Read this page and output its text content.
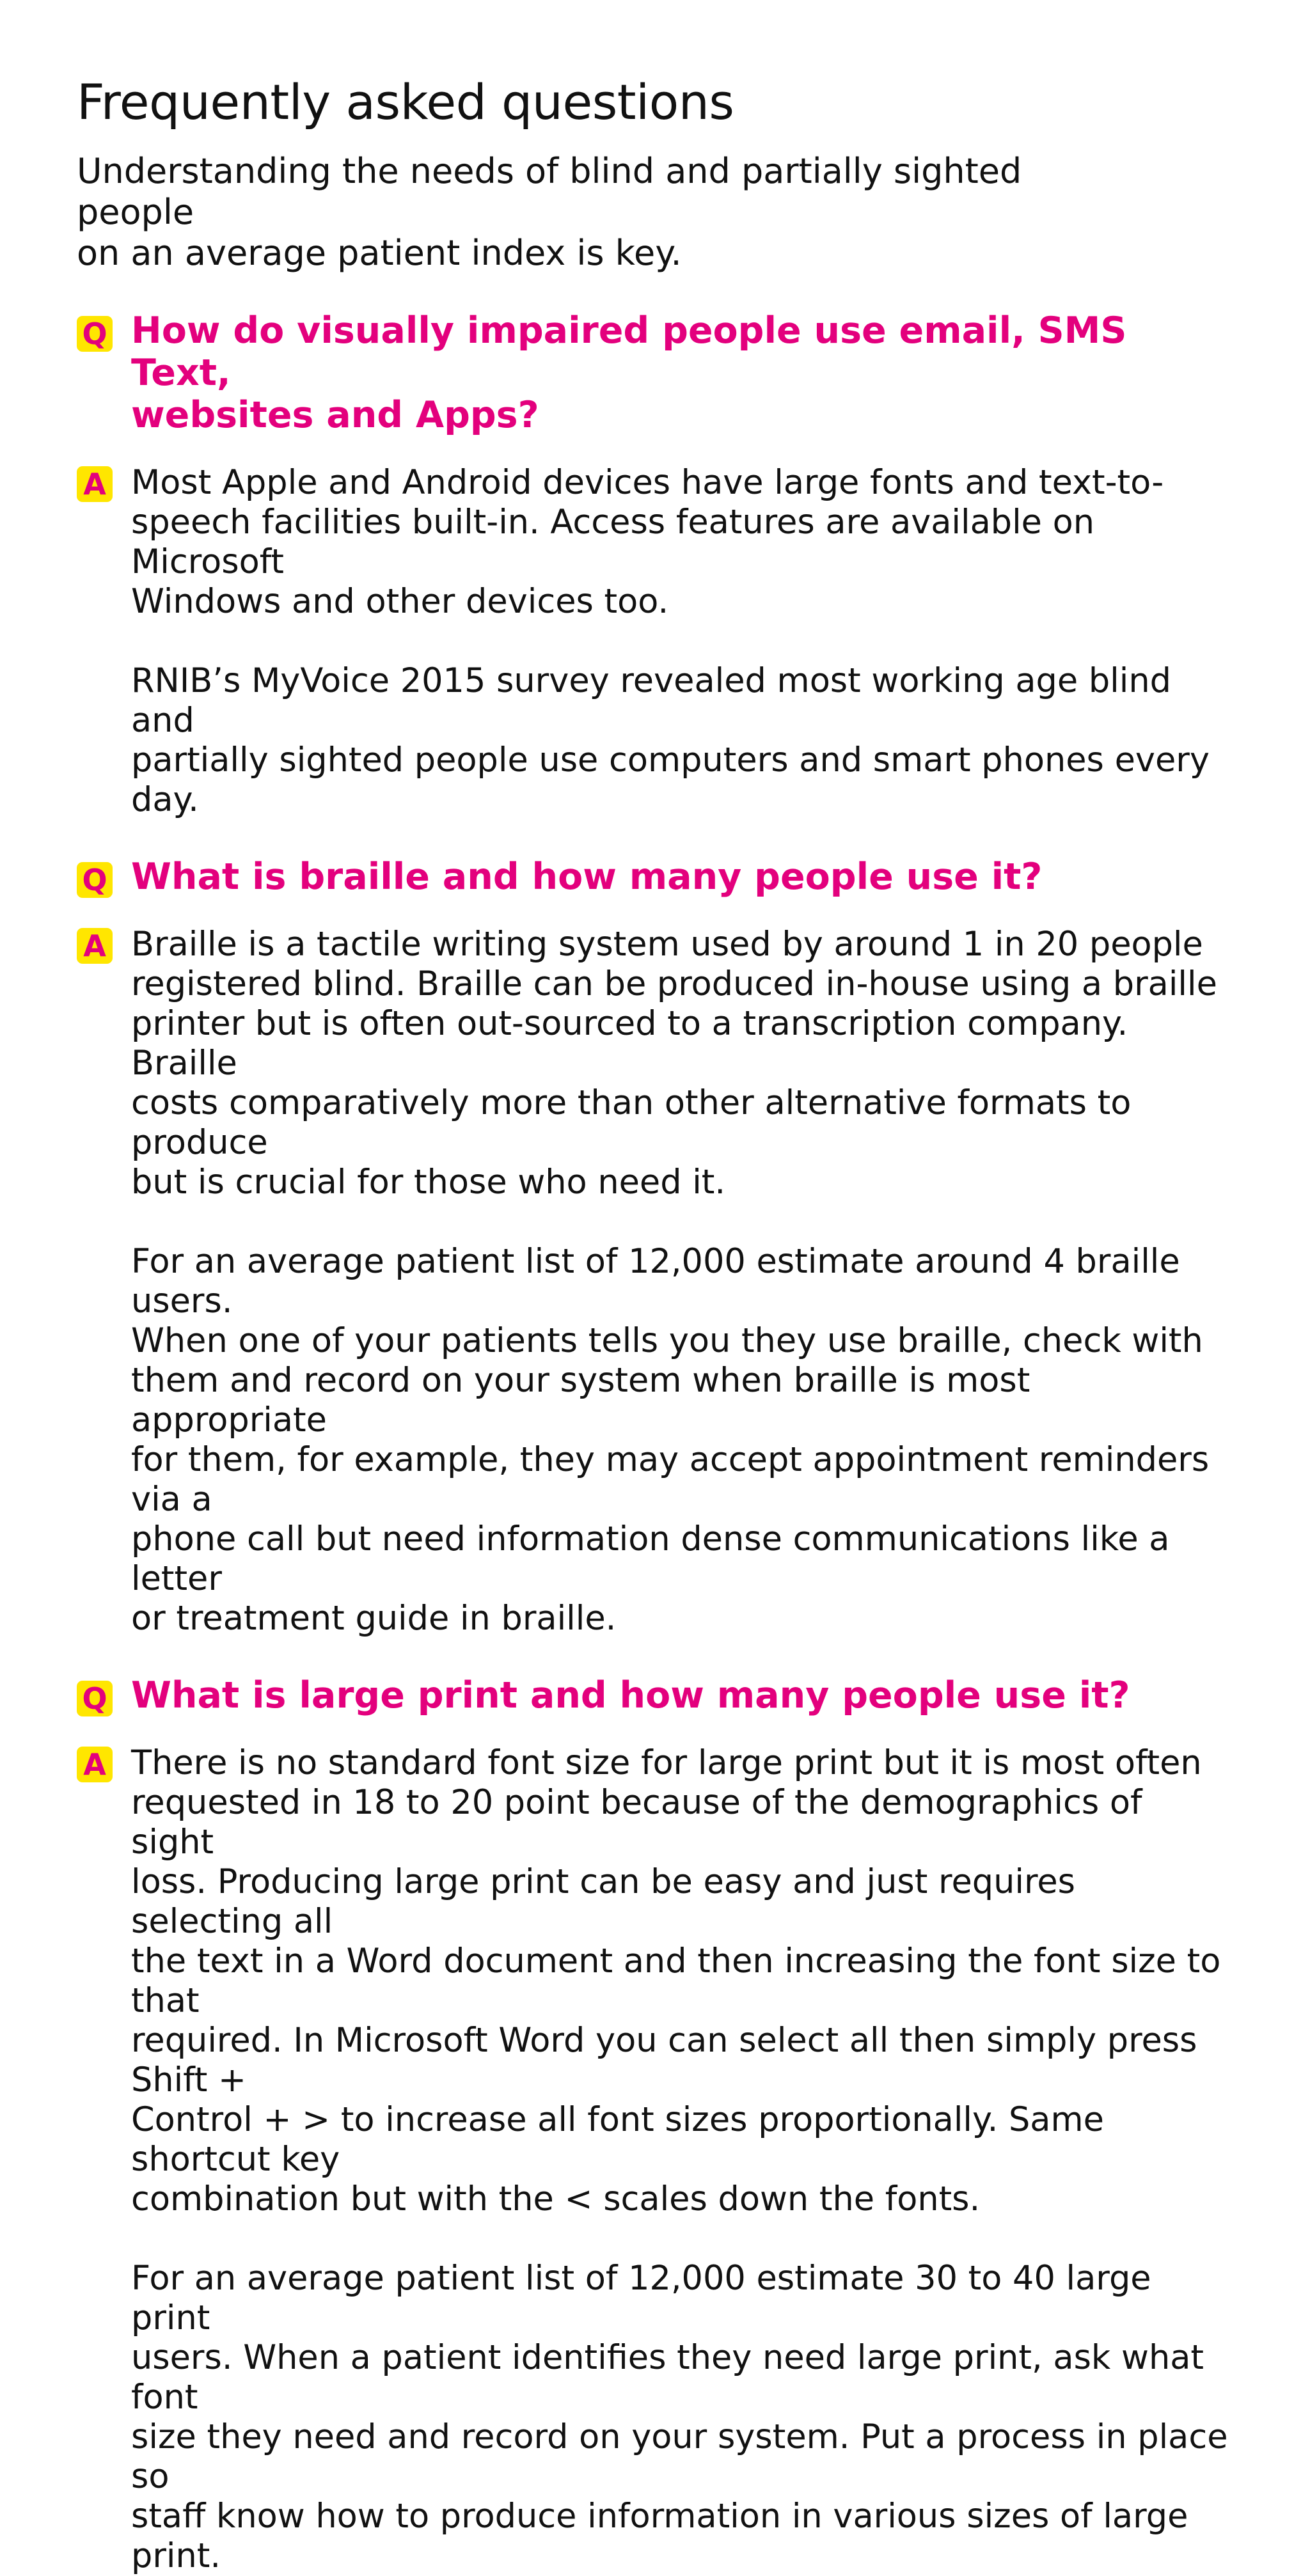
Frequently asked questions

Understanding the needs of blind and partially sighted people
on an average patient index is key.

Q How do visually impaired people use email, SMS Text,
websites and Apps?
A Most Apple and Android devices have large fonts and text-to-
speech facilities built-in. Access features are available on Microsoft
Windows and other devices too.

RNIB’s MyVoice 2015 survey revealed most working age blind and
partially sighted people use computers and smart phones every day.

Q What is braille and how many people use it?
A Braille is a tactile writing system used by around 1 in 20 people
registered blind. Braille can be produced in-house using a braille
printer but is often out-sourced to a transcription company. Braille
costs comparatively more than other alternative formats to produce
but is crucial for those who need it.

For an average patient list of 12,000 estimate around 4 braille users.
When one of your patients tells you they use braille, check with
them and record on your system when braille is most appropriate
for them, for example, they may accept appointment reminders via a
phone call but need information dense communications like a letter
or treatment guide in braille.

Q What is large print and how many people use it?
A There is no standard font size for large print but it is most often
requested in 18 to 20 point because of the demographics of sight
loss. Producing large print can be easy and just requires selecting all
the text in a Word document and then increasing the font size to that
required. In Microsoft Word you can select all then simply press Shift +
Control + > to increase all font sizes proportionally. Same shortcut key
combination but with the < scales down the fonts.

For an average patient list of 12,000 estimate 30 to 40 large print
users. When a patient identifies they need large print, ask what font
size they need and record on your system. Put a process in place so
staff know how to produce information in various sizes of large print.
